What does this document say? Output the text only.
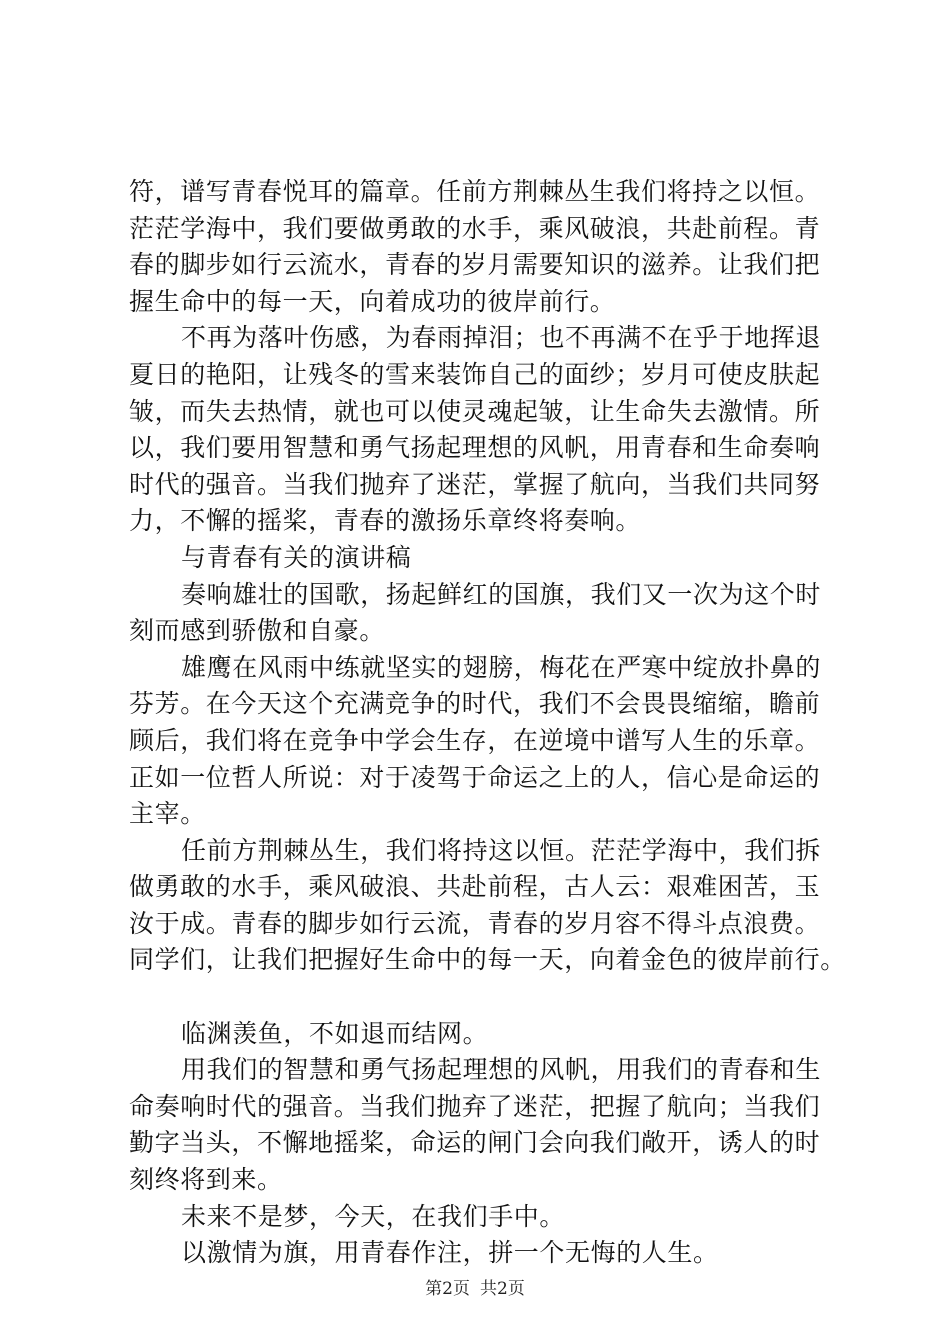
符，谱写青春悦耳的篇章。任前方荆棘丛生我们将持之以恒。
茫茫学海中，我们要做勇敢的水手，乘风破浪，共赴前程。青
春的脚步如行云流水，青春的岁月需要知识的滋养。让我们把
握生命中的每一天，向着成功的彼岸前行。
不再为落叶伤感，为春雨掉泪；也不再满不在乎于地挥退
夏日的艳阳，让残冬的雪来装饰自己的面纱；岁月可使皮肤起
皱，而失去热情，就也可以使灵魂起皱，让生命失去激情。所
以，我们要用智慧和勇气扬起理想的风帆，用青春和生命奏响
时代的强音。当我们抛弃了迷茫，掌握了航向，当我们共同努
力，不懈的摇桨，青春的激扬乐章终将奏响。
与青春有关的演讲稿
奏响雄壮的国歌，扬起鲜红的国旗，我们又一次为这个时
刻而感到骄傲和自豪。
雄鹰在风雨中练就坚实的翅膀，梅花在严寒中绽放扑鼻的
芬芳。在今天这个充满竞争的时代，我们不会畏畏缩缩，瞻前
顾后，我们将在竞争中学会生存，在逆境中谱写人生的乐章。
正如一位哲人所说：对于凌驾于命运之上的人，信心是命运的
主宰。
任前方荆棘丛生，我们将持这以恒。茫茫学海中，我们拆
做勇敢的水手，乘风破浪、共赴前程，古人云：艰难困苦，玉
汝于成。青春的脚步如行云流，青春的岁月容不得斗点浪费。
同学们，让我们把握好生命中的每一天，向着金色的彼岸前行。
临渊羡鱼，不如退而结网。
用我们的智慧和勇气扬起理想的风帆，用我们的青春和生
命奏响时代的强音。当我们抛弃了迷茫，把握了航向；当我们
勤字当头，不懈地摇桨，命运的闸门会向我们敞开，诱人的时
刻终将到来。
未来不是梦，今天，在我们手中。
以激情为旗，用青春作注，拼一个无悔的人生。
第2页 共2页
